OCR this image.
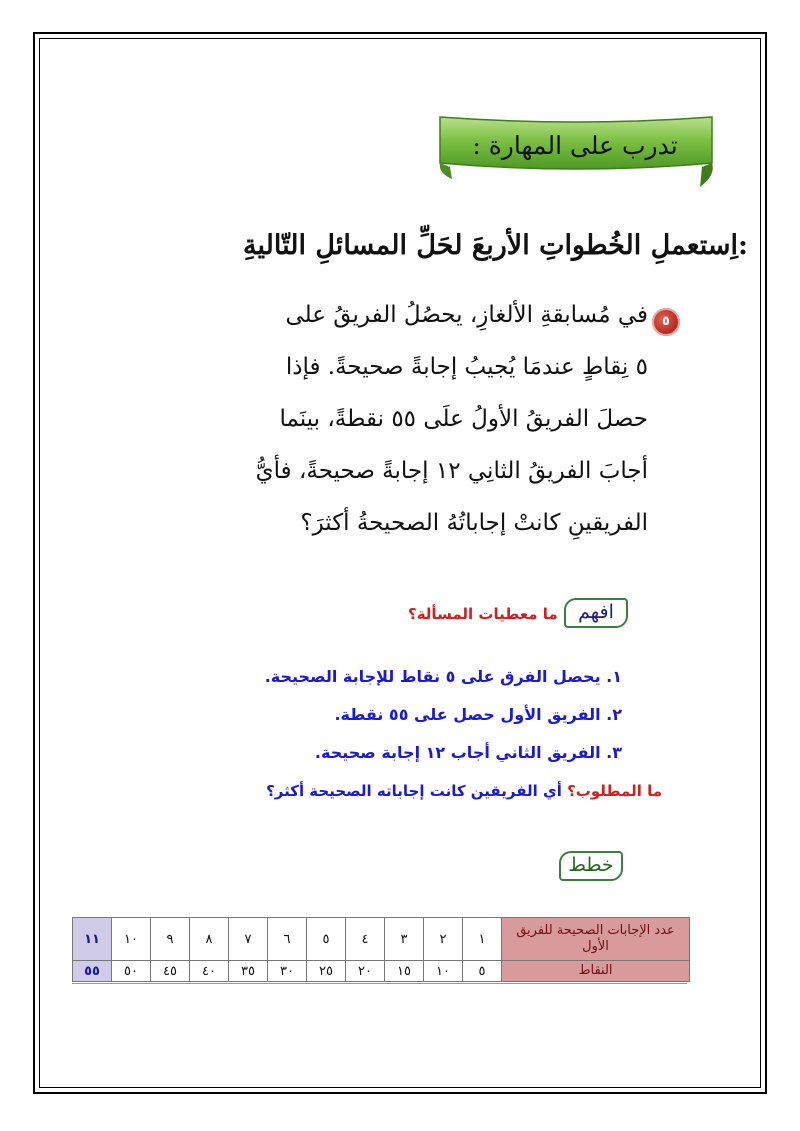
تدرب على المهارة :
اِستعملِ الخُطواتِ الأربعَ لحَلِّ المسائلِ التّاليةِ:
٥
في مُسابقةِ الألغازِ، يحصُلُ الفريقُ على
٥ نِقاطٍ عندمَا يُجيبُ إجابةً صحيحةً. فإذا
حصلَ الفريقُ الأولُ علَى ٥٥ نقطةً، بينَما
أجابَ الفريقُ الثانِي ١٢ إجابةً صحيحةً، فأيُّ
الفريقينِ كانتْ إجاباتُهُ الصحيحةُ أكثرَ؟
افهم
ما معطيات المسألة؟
١. يحصل الفرق على ٥ نقاط للإجابة الصحيحة.
٢. الفريق الأول حصل على ٥٥ نقطة.
٣. الفريق الثاني أجاب ١٢ إجابة صحيحة.
ما المطلوب؟ أي الفريقين كانت إجاباته الصحيحة أكثر؟
خطط
١١	١٠	٩	٨	٧	٦	٥	٤	٣	٢	١	عدد الإجابات الصحيحة للفريق الأول
٥٥	٥٠	٤٥	٤٠	٣٥	٣٠	٢٥	٢٠	١٥	١٠	٥	النقاط
